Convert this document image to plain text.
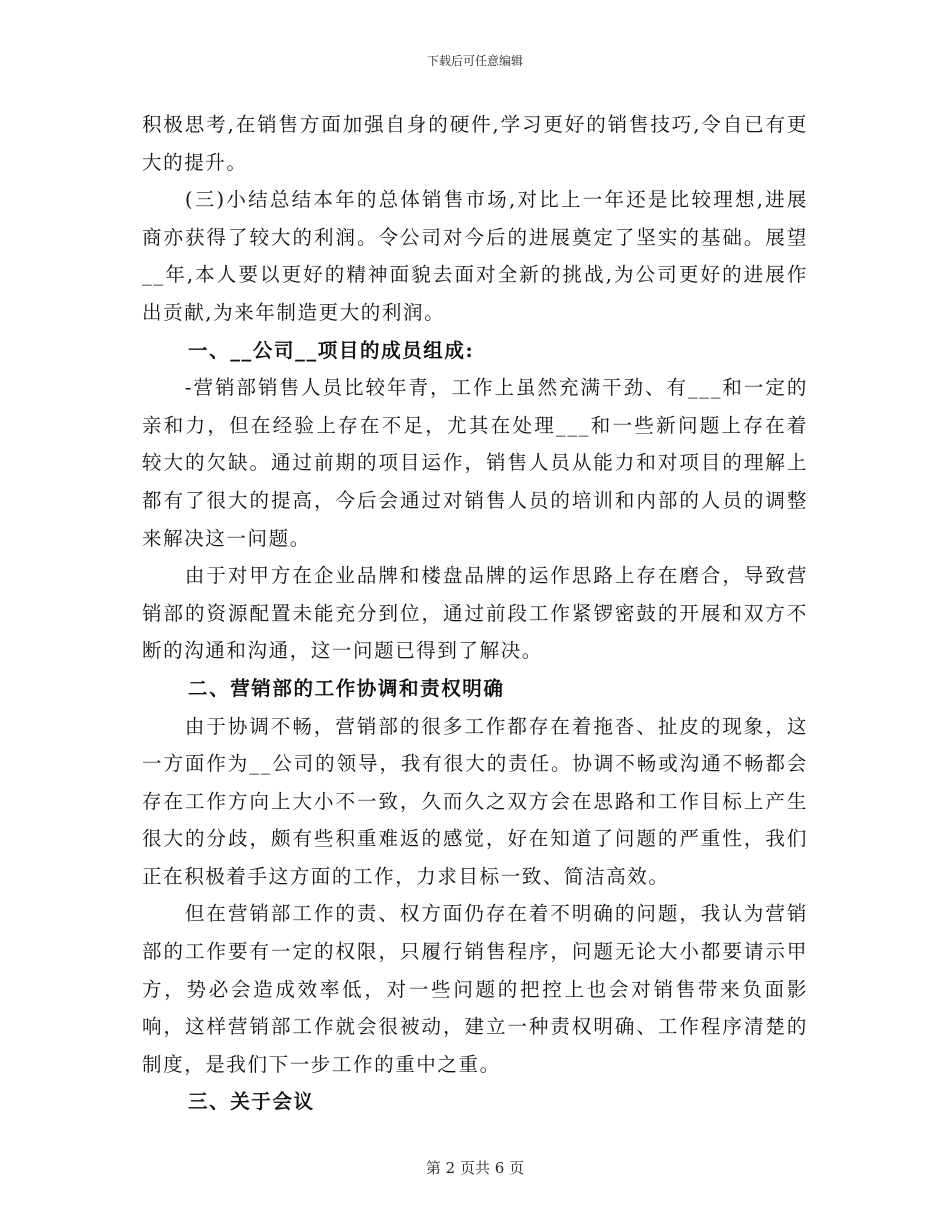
下载后可任意编辑

积极思考,在销售方面加强自身的硬件,学习更好的销售技巧,令自已有更大的提升。

(三)小结总结本年的总体销售市场,对比上一年还是比较理想,进展商亦获得了较大的利润。令公司对今后的进展奠定了坚实的基础。展望__年,本人要以更好的精神面貌去面对全新的挑战,为公司更好的进展作出贡献,为来年制造更大的利润。

一、__公司__项目的成员组成:

-营销部销售人员比较年青，工作上虽然充满干劲、有___和一定的亲和力，但在经验上存在不足，尤其在处理___和一些新问题上存在着较大的欠缺。通过前期的项目运作，销售人员从能力和对项目的理解上都有了很大的提高，今后会通过对销售人员的培训和内部的人员的调整来解决这一问题。

由于对甲方在企业品牌和楼盘品牌的运作思路上存在磨合，导致营销部的资源配置未能充分到位，通过前段工作紧锣密鼓的开展和双方不断的沟通和沟通，这一问题已得到了解决。

二、营销部的工作协调和责权明确

由于协调不畅，营销部的很多工作都存在着拖沓、扯皮的现象，这一方面作为__公司的领导，我有很大的责任。协调不畅或沟通不畅都会存在工作方向上大小不一致，久而久之双方会在思路和工作目标上产生很大的分歧，颇有些积重难返的感觉，好在知道了问题的严重性，我们正在积极着手这方面的工作，力求目标一致、简洁高效。

但在营销部工作的责、权方面仍存在着不明确的问题，我认为营销部的工作要有一定的权限，只履行销售程序，问题无论大小都要请示甲方，势必会造成效率低，对一些问题的把控上也会对销售带来负面影响，这样营销部工作就会很被动，建立一种责权明确、工作程序清楚的制度，是我们下一步工作的重中之重。

三、关于会议

第 2 页共 6 页
